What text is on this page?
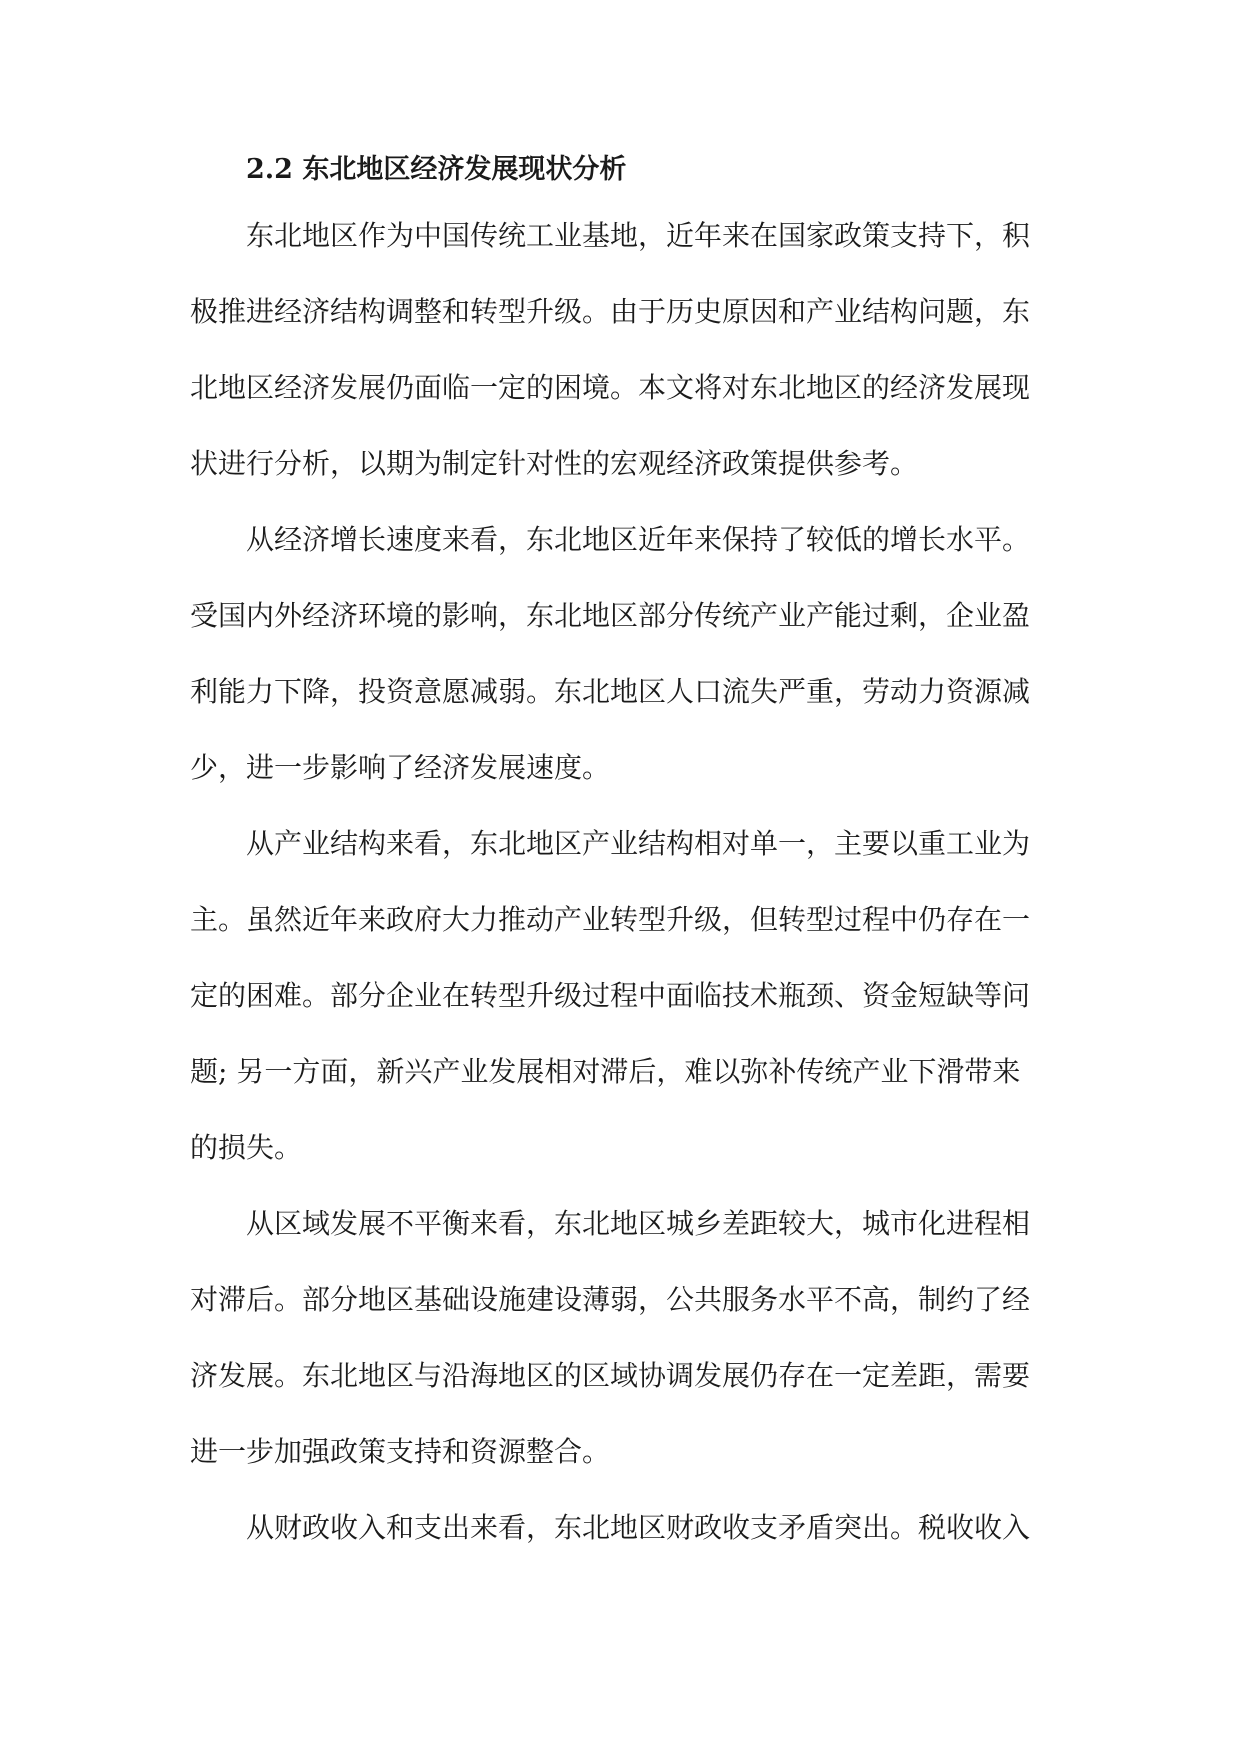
2.2 东北地区经济发展现状分析
东北地区作为中国传统工业基地，近年来在国家政策支持下，积
极推进经济结构调整和转型升级。由于历史原因和产业结构问题，东
北地区经济发展仍面临一定的困境。本文将对东北地区的经济发展现
状进行分析，以期为制定针对性的宏观经济政策提供参考。
从经济增长速度来看，东北地区近年来保持了较低的增长水平。
受国内外经济环境的影响，东北地区部分传统产业产能过剩，企业盈
利能力下降，投资意愿减弱。东北地区人口流失严重，劳动力资源减
少，进一步影响了经济发展速度。
从产业结构来看，东北地区产业结构相对单一，主要以重工业为
主。虽然近年来政府大力推动产业转型升级，但转型过程中仍存在一
定的困难。部分企业在转型升级过程中面临技术瓶颈、资金短缺等问
题; 另一方面，新兴产业发展相对滞后，难以弥补传统产业下滑带来
的损失。
从区域发展不平衡来看，东北地区城乡差距较大，城市化进程相
对滞后。部分地区基础设施建设薄弱，公共服务水平不高，制约了经
济发展。东北地区与沿海地区的区域协调发展仍存在一定差距，需要
进一步加强政策支持和资源整合。
从财政收入和支出来看，东北地区财政收支矛盾突出。税收收入
